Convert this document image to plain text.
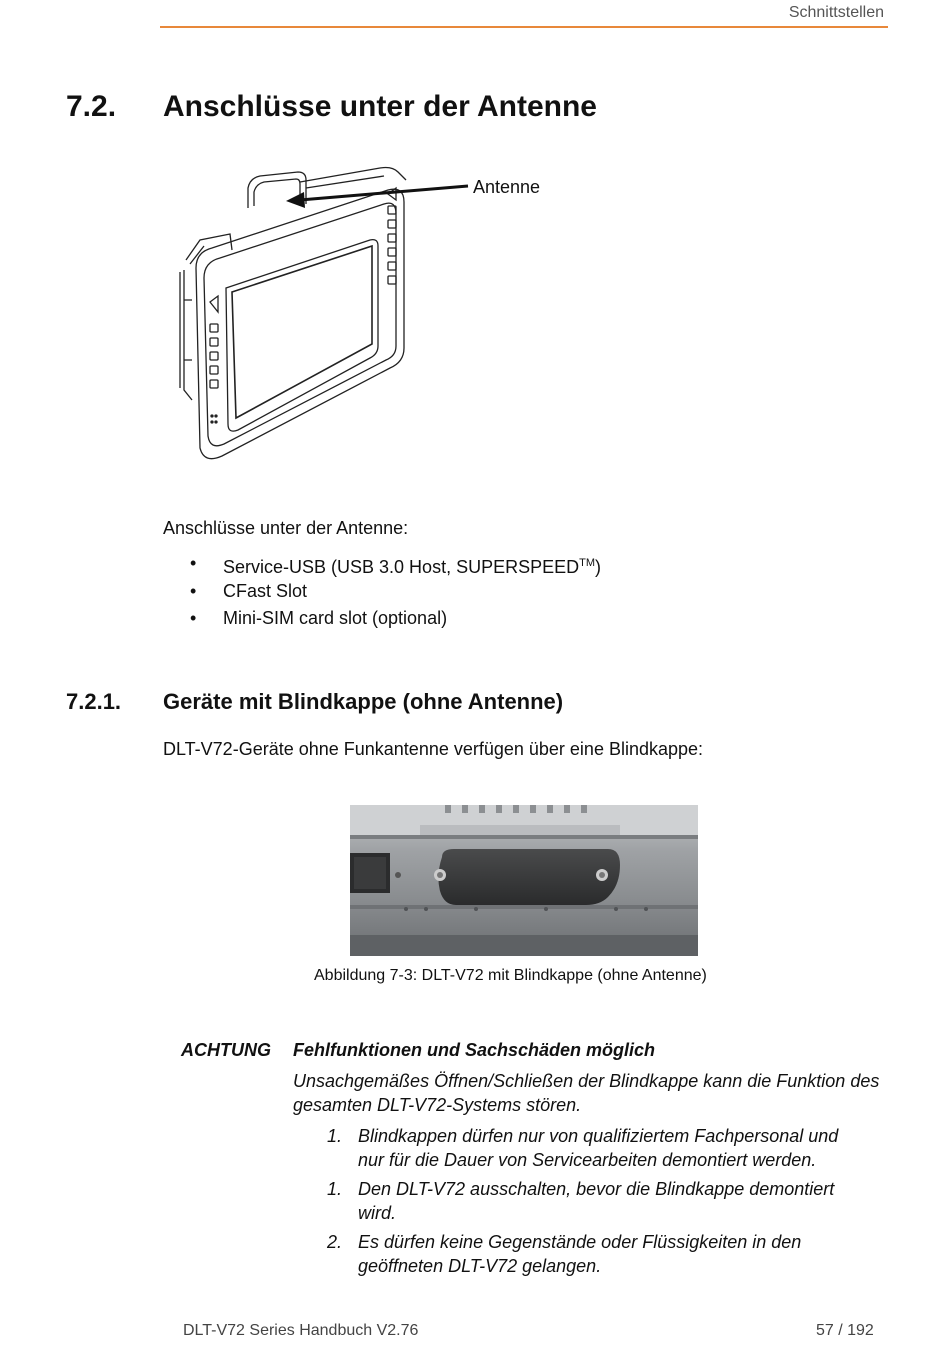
Schnittstellen
7.2. Anschlüsse unter der Antenne
Antenne
Anschlüsse unter der Antenne:
• Service-USB (USB 3.0 Host, SUPERSPEED™)
• CFast Slot
• Mini-SIM card slot (optional)
7.2.1. Geräte mit Blindkappe (ohne Antenne)
DLT-V72-Geräte ohne Funkantenne verfügen über eine Blindkappe:
Abbildung 7-3: DLT-V72 mit Blindkappe (ohne Antenne)
ACHTUNG Fehlfunktionen und Sachschäden möglich
Unsachgemäßes Öffnen/Schließen der Blindkappe kann die Funktion des gesamten DLT-V72-Systems stören.
1. Blindkappen dürfen nur von qualifiziertem Fachpersonal und nur für die Dauer von Servicearbeiten demontiert werden.
1. Den DLT-V72 ausschalten, bevor die Blindkappe demontiert wird.
2. Es dürfen keine Gegenstände oder Flüssigkeiten in den geöffneten DLT-V72 gelangen.
DLT-V72 Series Handbuch V2.76	57 / 192
